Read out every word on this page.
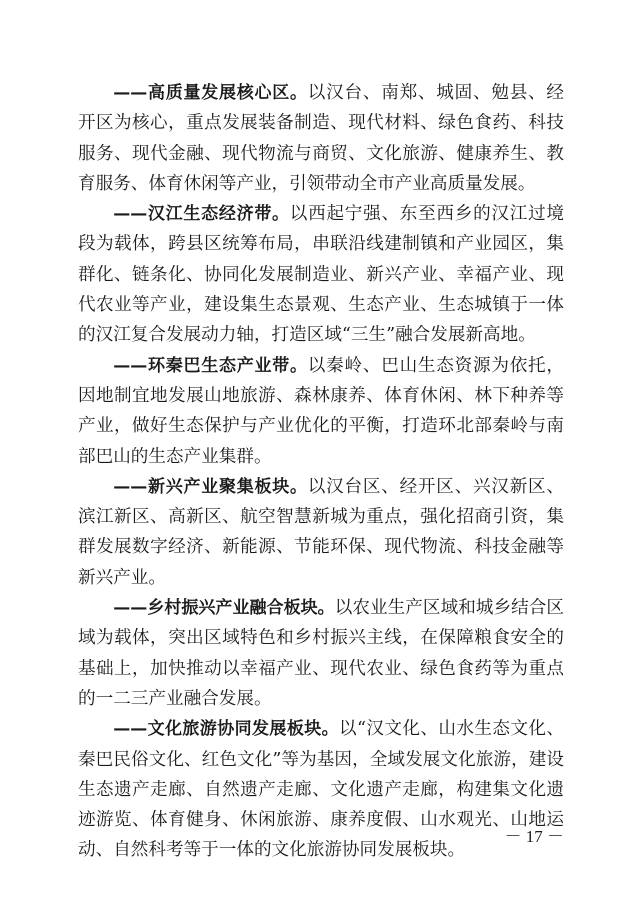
——高质量发展核心区。以汉台、南郑、城固、勉县、经开区为核心，重点发展装备制造、现代材料、绿色食药、科技服务、现代金融、现代物流与商贸、文化旅游、健康养生、教育服务、体育休闲等产业，引领带动全市产业高质量发展。

——汉江生态经济带。以西起宁强、东至西乡的汉江过境段为载体，跨县区统筹布局，串联沿线建制镇和产业园区，集群化、链条化、协同化发展制造业、新兴产业、幸福产业、现代农业等产业，建设集生态景观、生态产业、生态城镇于一体的汉江复合发展动力轴，打造区域“三生”融合发展新高地。

——环秦巴生态产业带。以秦岭、巴山生态资源为依托，因地制宜地发展山地旅游、森林康养、体育休闲、林下种养等产业，做好生态保护与产业优化的平衡，打造环北部秦岭与南部巴山的生态产业集群。

——新兴产业聚集板块。以汉台区、经开区、兴汉新区、滨江新区、高新区、航空智慧新城为重点，强化招商引资，集群发展数字经济、新能源、节能环保、现代物流、科技金融等新兴产业。

——乡村振兴产业融合板块。以农业生产区域和城乡结合区域为载体，突出区域特色和乡村振兴主线，在保障粮食安全的基础上，加快推动以幸福产业、现代农业、绿色食药等为重点的一二三产业融合发展。

——文化旅游协同发展板块。以“汉文化、山水生态文化、秦巴民俗文化、红色文化”等为基因，全域发展文化旅游，建设生态遗产走廊、自然遗产走廊、文化遗产走廊，构建集文化遗迹游览、体育健身、休闲旅游、康养度假、山水观光、山地运动、自然科考等于一体的文化旅游协同发展板块。

－ 17 －
